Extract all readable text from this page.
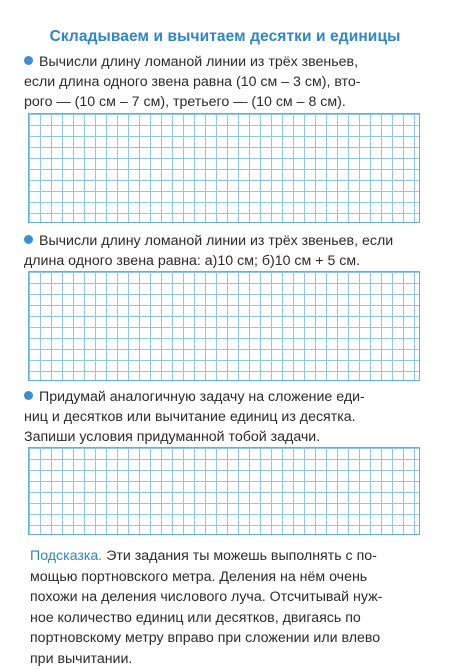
Складываем и вычитаем десятки и единицы
Вычисли длину ломаной линии из трёх звеньев,
если длина одного звена равна (10 см – 3 см), вто-
рого — (10 см – 7 см), третьего — (10 см – 8 см).
Вычисли длину ломаной линии из трёх звеньев, если
длина одного звена равна: а)10 см; б)10 см + 5 см.
Придумай аналогичную задачу на сложение еди-
ниц и десятков или вычитание единиц из десятка.
Запиши условия придуманной тобой задачи.
Подсказка. Эти задания ты можешь выполнять с по-
мощью портновского метра. Деления на нём очень
похожи на деления числового луча. Отсчитывай нуж-
ное количество единиц или десятков, двигаясь по
портновскому метру вправо при сложении или влево
при вычитании.
